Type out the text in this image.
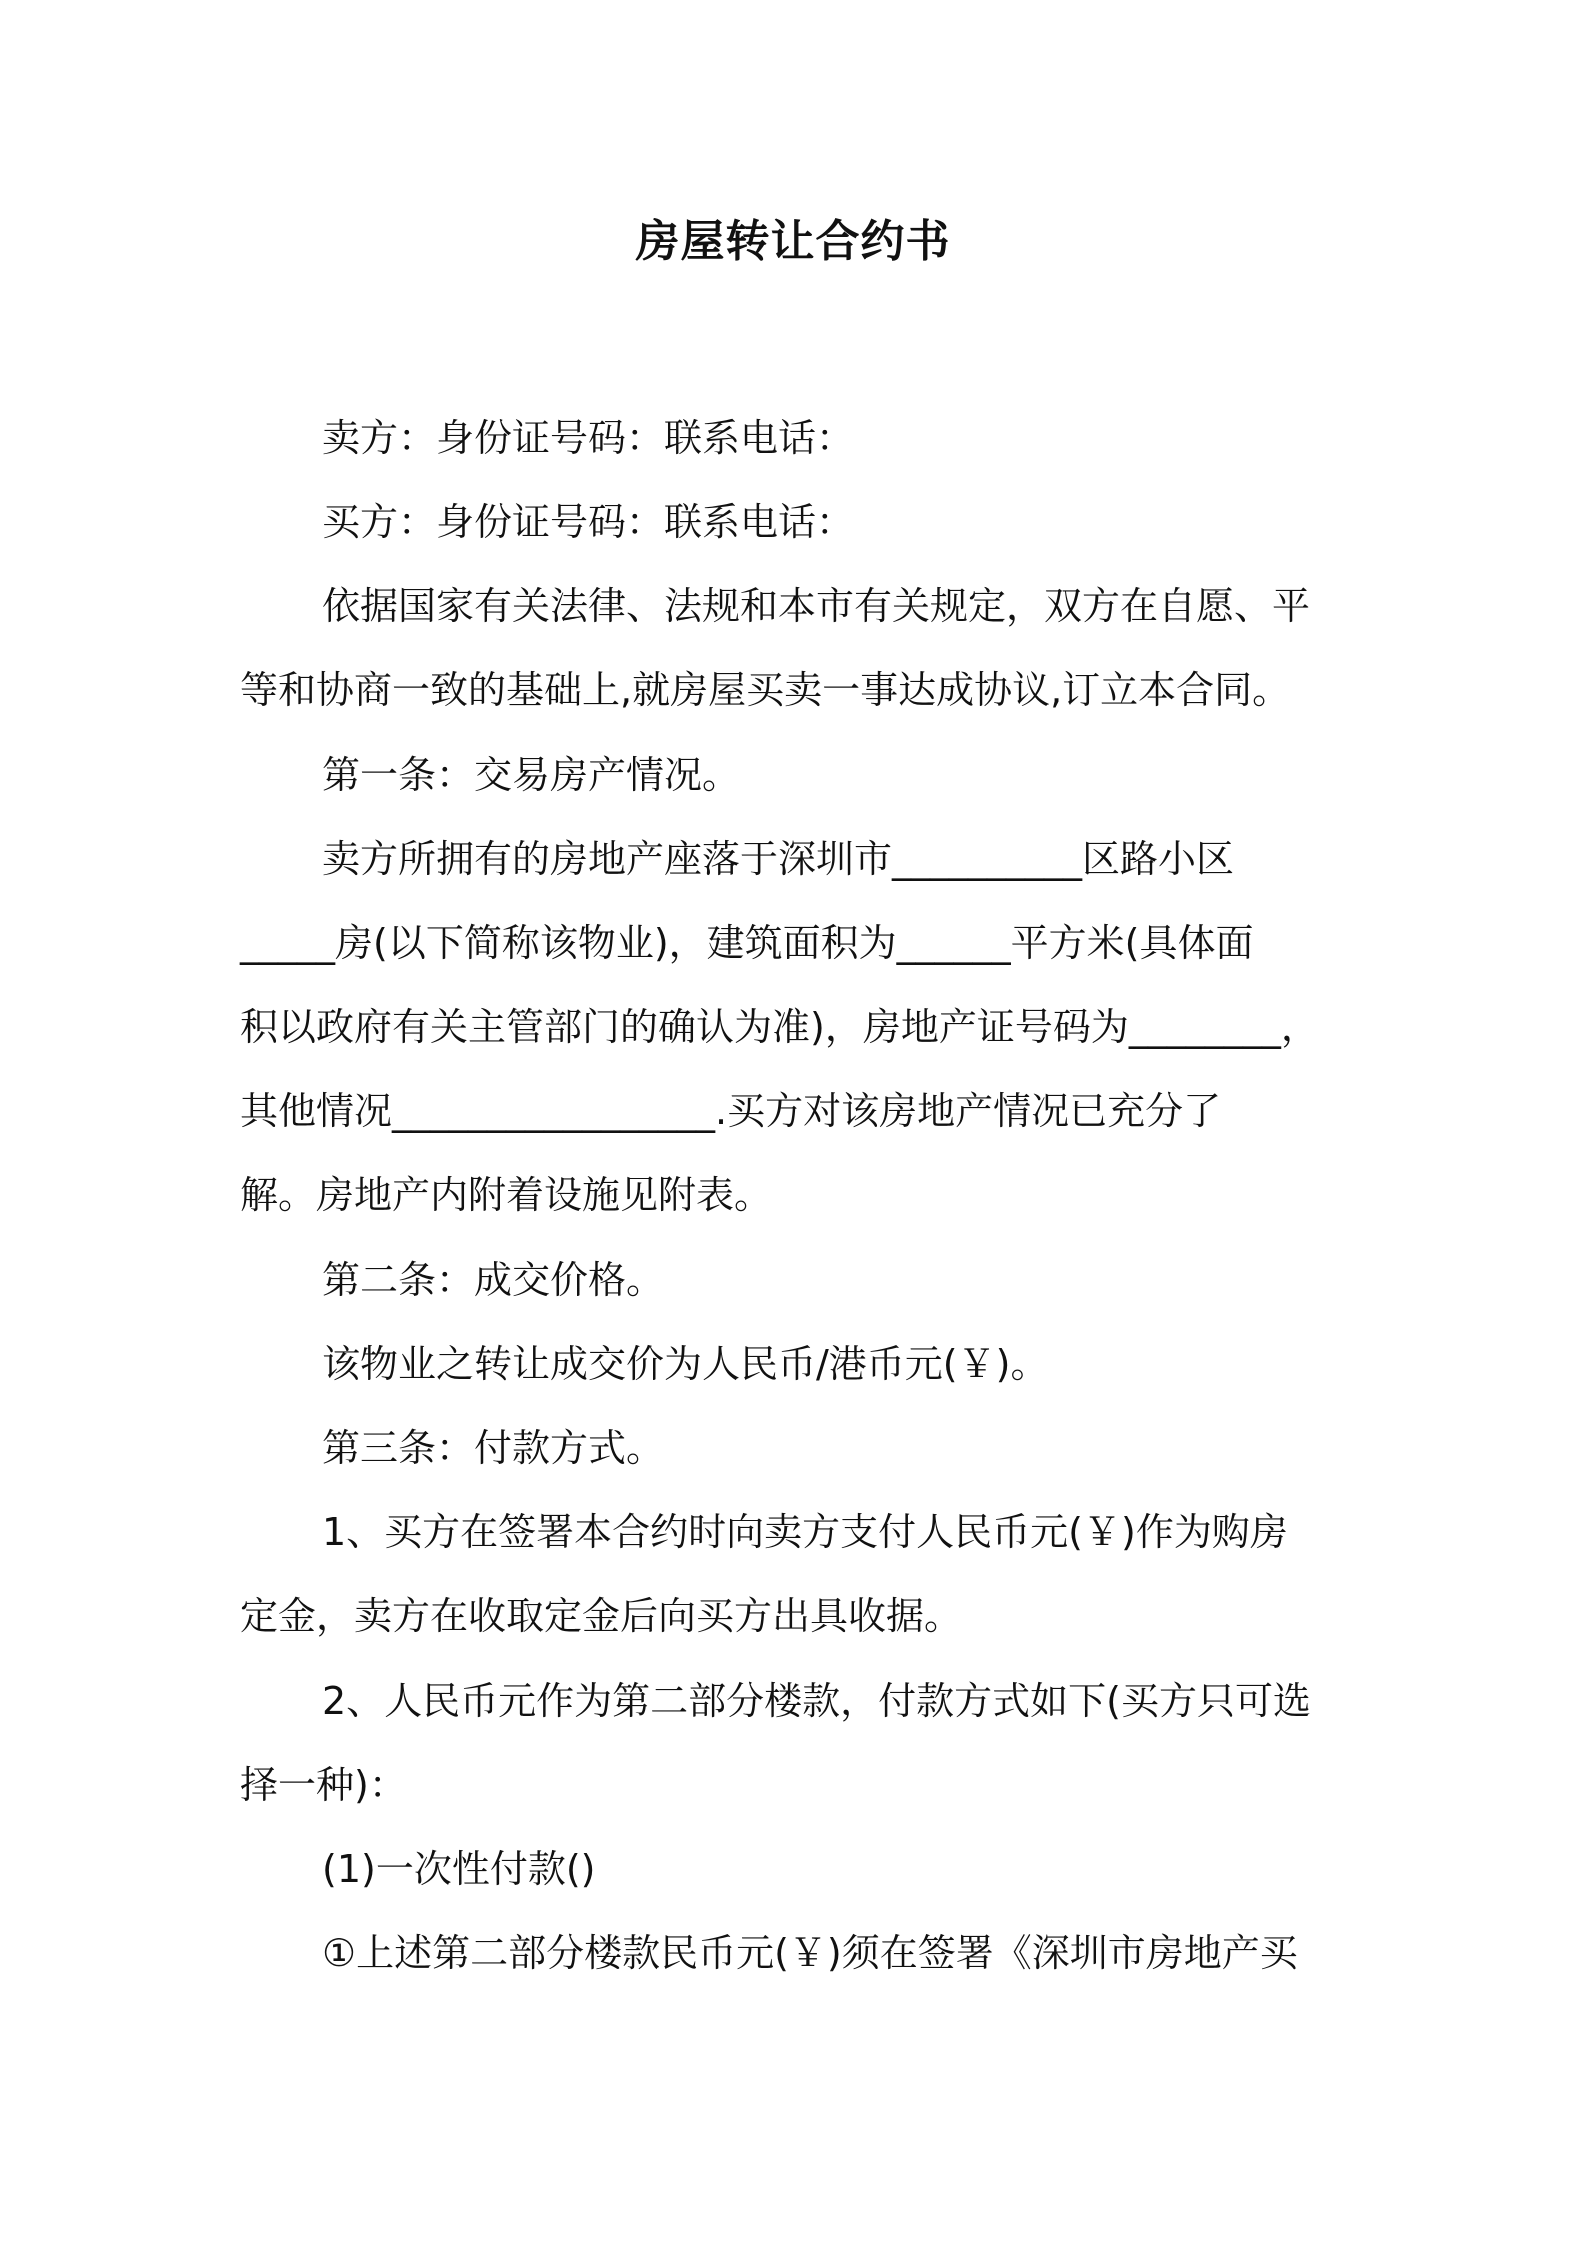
房屋转让合约书
卖方：身份证号码：联系电话：
买方：身份证号码：联系电话：
依据国家有关法律、法规和本市有关规定，双方在自愿、平
等和协商一致的基础上,就房屋买卖一事达成协议,订立本合同。
第一条：交易房产情况。
卖方所拥有的房地产座落于深圳市__________区路小区
_____房(以下简称该物业)，建筑面积为______平方米(具体面
积以政府有关主管部门的确认为准)，房地产证号码为________，
其他情况_________________.买方对该房地产情况已充分了
解。房地产内附着设施见附表。
第二条：成交价格。
该物业之转让成交价为人民币/港币元(￥)。
第三条：付款方式。
1、买方在签署本合约时向卖方支付人民币元(￥)作为购房
定金，卖方在收取定金后向买方出具收据。
2、人民币元作为第二部分楼款，付款方式如下(买方只可选
择一种)：
(1)一次性付款()
①上述第二部分楼款民币元(￥)须在签署《深圳市房地产买
